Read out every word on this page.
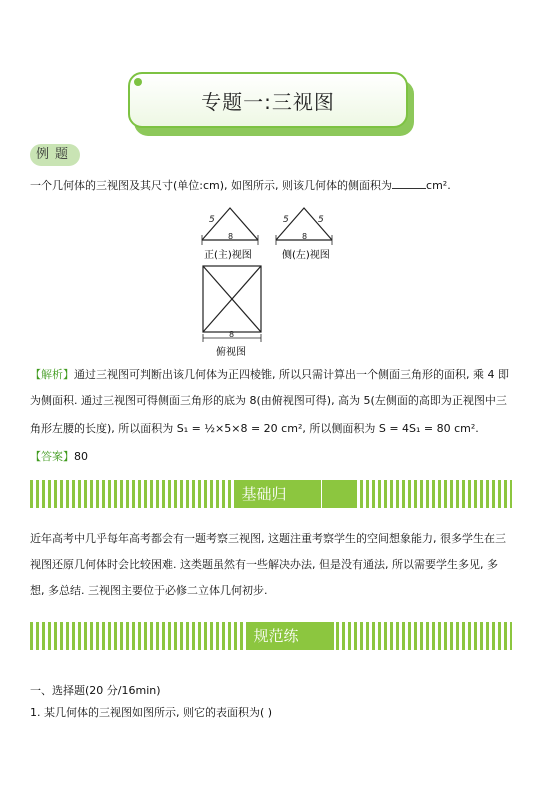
专题一:三视图
例题
一个几何体的三视图及其尺寸(单位:cm), 如图所示, 则该几何体的侧面积为	cm².
5
8
正(主)视图
5	5
8
侧(左)视图
8
俯视图
【解析】通过三视图可判断出该几何体为正四棱锥, 所以只需计算出一个侧面三角形的面积, 乘 4 即
为侧面积. 通过三视图可得侧面三角形的底为 8(由俯视图可得), 高为 5(左侧面的高即为正视图中三
角形左腰的长度), 所以面积为 S₁ = ½×5×8 = 20 cm², 所以侧面积为 S = 4S₁ = 80 cm².
【答案】80
基础归
近年高考中几乎每年高考都会有一题考察三视图, 这题注重考察学生的空间想象能力, 很多学生在三
视图还原几何体时会比较困难. 这类题虽然有一些解决办法, 但是没有通法, 所以需要学生多见, 多
想, 多总结. 三视图主要位于必修二立体几何初步.
规范练
一、选择题(20 分/16min)
1. 某几何体的三视图如图所示, 则它的表面积为( )
